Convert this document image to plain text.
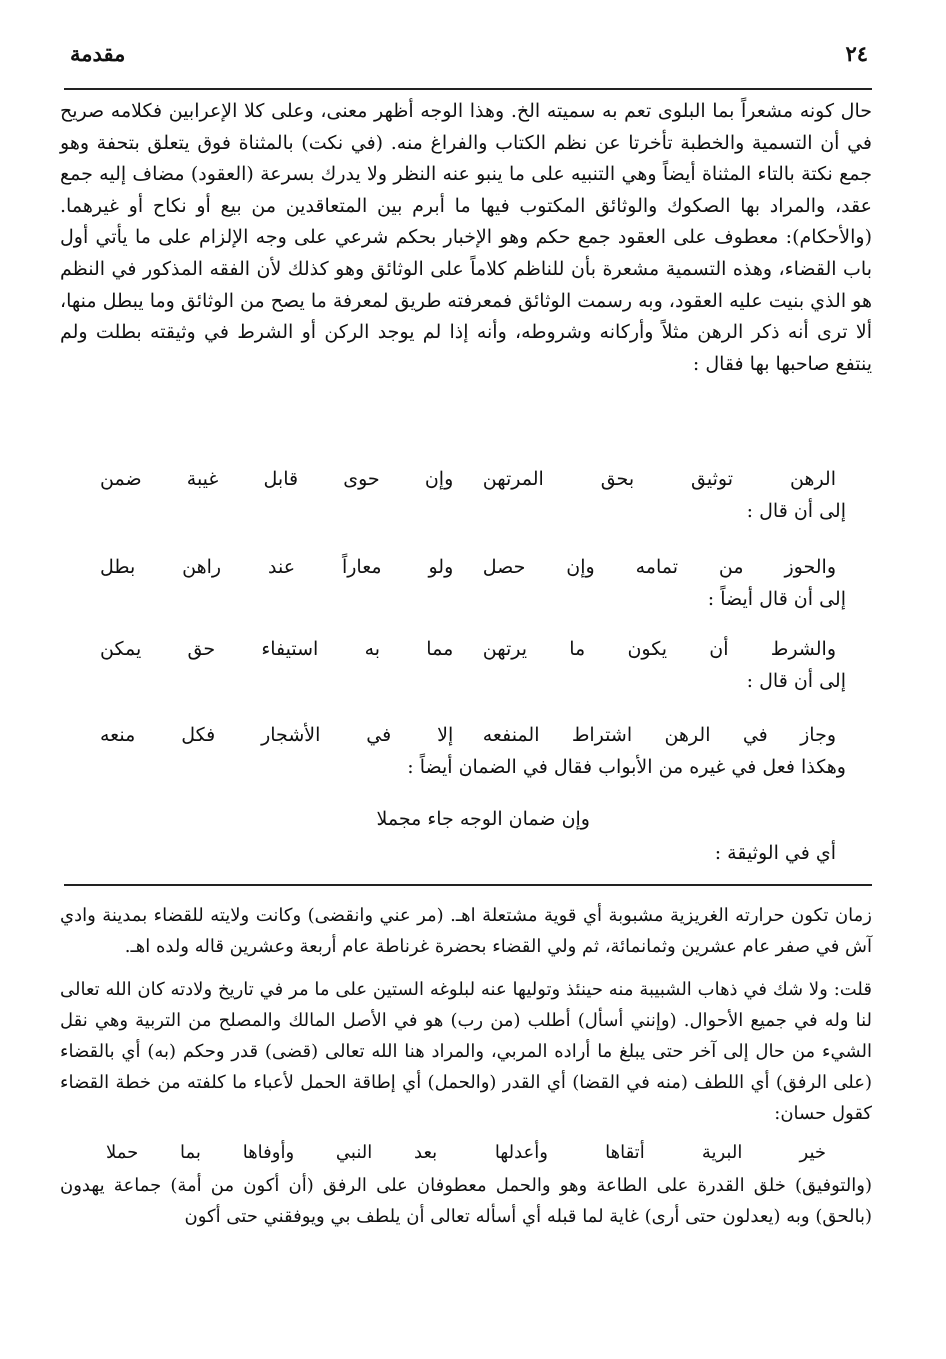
٢٤
مقدمة

حال كونه مشعراً بما البلوى تعم به سميته الخ. وهذا الوجه أظهر معنى، وعلى كلا الإعرابين فكلامه صريح في أن التسمية والخطبة تأخرتا عن نظم الكتاب والفراغ منه. (في نكت) بالمثناة فوق يتعلق بتحفة وهو جمع نكتة بالتاء المثناة أيضاً وهي التنبيه على ما ينبو عنه النظر ولا يدرك بسرعة (العقود) مضاف إليه جمع عقد، والمراد بها الصكوك والوثائق المكتوب فيها ما أبرم بين المتعاقدين من بيع أو نكاح أو غيرهما. (والأحكام): معطوف على العقود جمع حكم وهو الإخبار بحكم شرعي على وجه الإلزام على ما يأتي أول باب القضاء، وهذه التسمية مشعرة بأن للناظم كلاماً على الوثائق وهو كذلك لأن الفقه المذكور في النظم هو الذي بنيت عليه العقود، وبه رسمت الوثائق فمعرفته طريق لمعرفة ما يصح من الوثائق وما يبطل منها، ألا ترى أنه ذكر الرهن مثلاً وأركانه وشروطه، وأنه إذا لم يوجد الركن أو الشرط في وثيقته بطلت ولم ينتفع صاحبها بها فقال :

الرهن توثيق بحق المرتهن
وإن حوى قابل غيبة ضمن
إلى أن قال :
والحوز من تمامه وإن حصل
ولو معاراً عند راهن بطل
إلى أن قال أيضاً :
والشرط أن يكون ما يرتهن
مما به استيفاء حق يمكن
إلى أن قال :
وجاز في الرهن اشتراط المنفعه
إلا في الأشجار فكل منعه
وهكذا فعل في غيره من الأبواب فقال في الضمان أيضاً :
وإن ضمان الوجه جاء مجملا
أي في الوثيقة :

زمان تكون حرارته الغريزية مشبوبة أي قوية مشتعلة اهـ. (مر عني وانقضى) وكانت ولايته للقضاء بمدينة وادي آش في صفر عام عشرين وثمانمائة، ثم ولي القضاء بحضرة غرناطة عام أربعة وعشرين قاله ولده اهـ.

قلت: ولا شك في ذهاب الشبيبة منه حينئذ وتوليها عنه لبلوغه الستين على ما مر في تاريخ ولادته كان الله تعالى لنا وله في جميع الأحوال. (وإنني أسأل) أطلب (من رب) هو في الأصل المالك والمصلح من التربية وهي نقل الشيء من حال إلى آخر حتى يبلغ ما أراده المربي، والمراد هنا الله تعالى (قضى) قدر وحكم (به) أي بالقضاء (على الرفق) أي اللطف (منه في القضا) أي القدر (والحمل) أي إطاقة الحمل لأعباء ما كلفته من خطة القضاء كقول حسان:

خير البرية أتقاها وأعدلها
بعد النبي وأوفاها بما حملا

(والتوفيق) خلق القدرة على الطاعة وهو والحمل معطوفان على الرفق (أن أكون من أمة) جماعة يهدون (بالحق) وبه (يعدلون حتى أرى) غاية لما قبله أي أسأله تعالى أن يلطف بي ويوفقني حتى أكون
